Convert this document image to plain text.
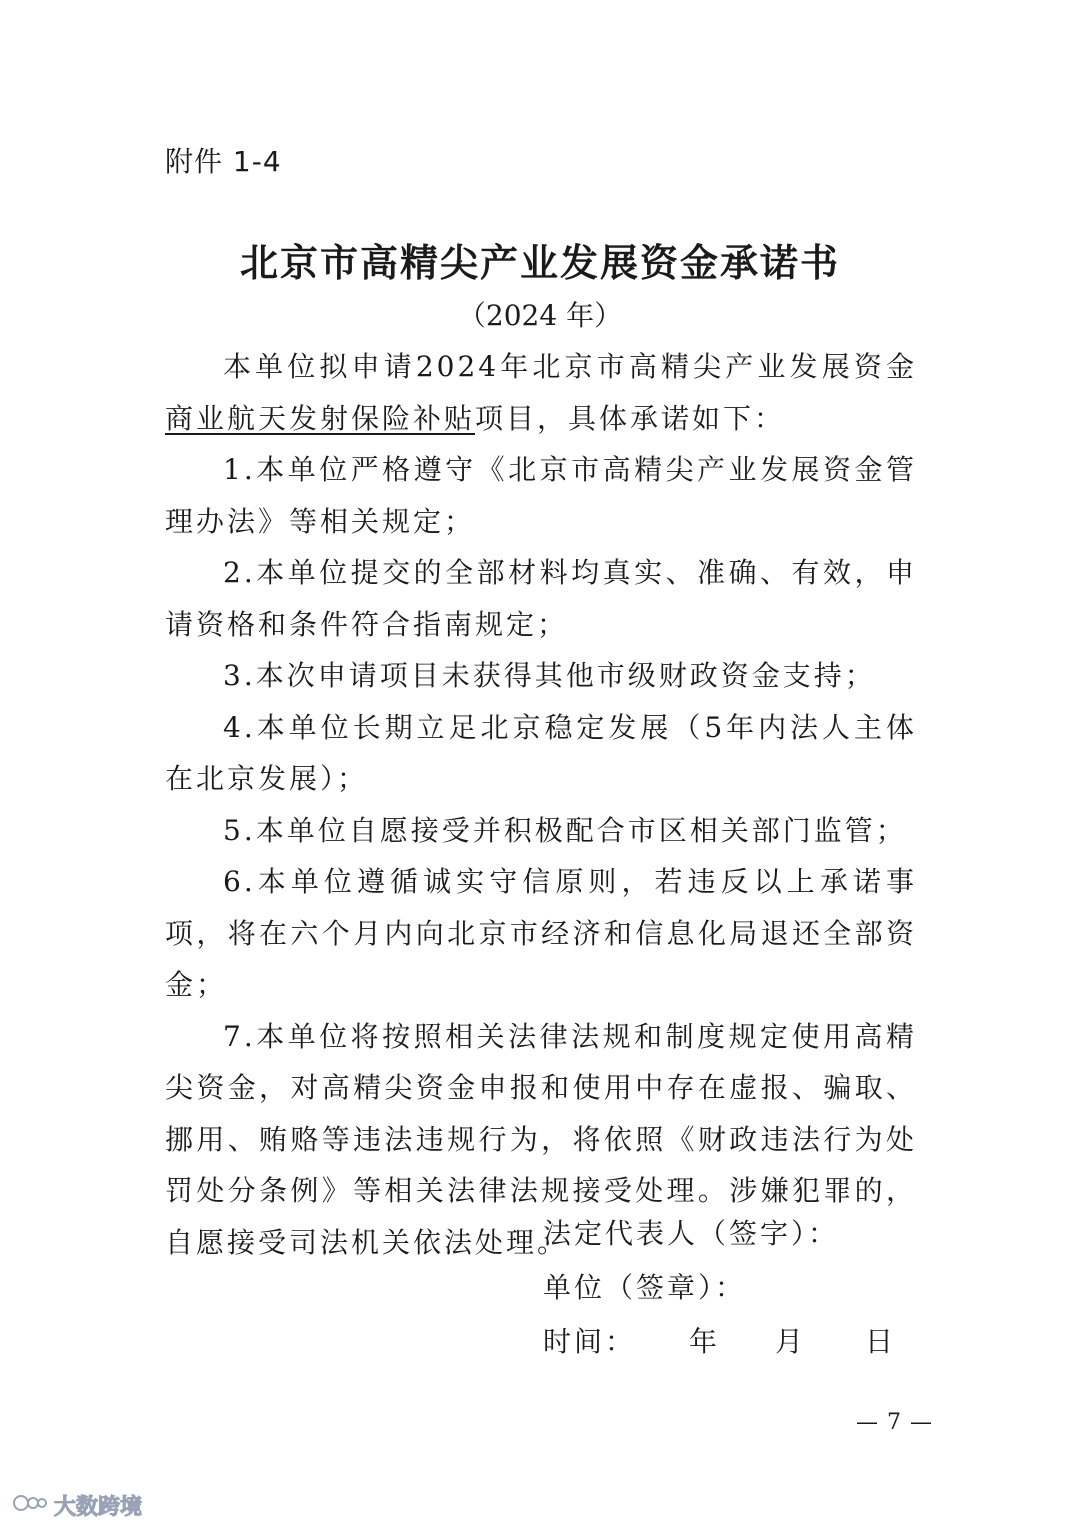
附件 1-4
北京市高精尖产业发展资金承诺书
（2024 年）

本单位拟申请2024年北京市高精尖产业发展资金 商业航天发射保险补贴项目，具体承诺如下：

1.本单位严格遵守《北京市高精尖产业发展资金管理办法》等相关规定；

2.本单位提交的全部材料均真实、准确、有效，申请资格和条件符合指南规定；

3.本次申请项目未获得其他市级财政资金支持；

4.本单位长期立足北京稳定发展（5年内法人主体在北京发展）；

5.本单位自愿接受并积极配合市区相关部门监管；

6.本单位遵循诚实守信原则，若违反以上承诺事项，将在六个月内向北京市经济和信息化局退还全部资金；

7.本单位将按照相关法律法规和制度规定使用高精尖资金，对高精尖资金申报和使用中存在虚报、骗取、挪用、贿赂等违法违规行为，将依照《财政违法行为处罚处分条例》等相关法律法规接受处理。涉嫌犯罪的，自愿接受司法机关依法处理。

法定代表人（签字）：
单位（签章）：
时间： 年 月 日
— 7 —
大数跨境
